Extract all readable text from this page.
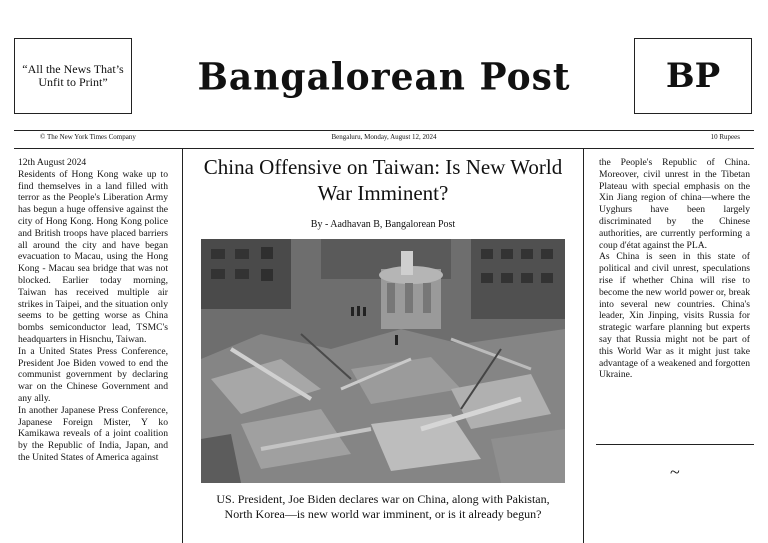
“All the News That’s Unfit to Print”	Bangalorean Post	BP
© The New York Times Company	Bengaluru, Monday, August 12, 2024	10 Rupees

12th August 2024

Residents of Hong Kong wake up to find themselves in a land filled with terror as the People's Liberation Army has begun a huge offensive against the city of Hong Kong. Hong Kong police and British troops have placed barriers all around the city and have began evacuation to Macau, using the Hong Kong - Macau sea bridge that was not blocked. Earlier today morning, Taiwan has received multiple air strikes in Taipei, and the situation only seems to be getting worse as China bombs semiconductor lead, TSMC's headquarters in Hisnchu, Taiwan.

In a United States Press Conference, President Joe Biden vowed to end the communist government by declaring war on the Chinese Government and any ally.

In another Japanese Press Conference, Japanese Foreign Mister, Y ko Kamikawa reveals of a joint coalition by the Republic of India, Japan, and the United States of America against

China Offensive on Taiwan: Is New World War Imminent?
By - Aadhavan B, Bangalorean Post
US. President, Joe Biden declares war on China, along with Pakistan, North Korea—is new world war imminent, or is it already begun?

the People's Republic of China. Moreover, civil unrest in the Tibetan Plateau with special emphasis on the Xin Jiang region of china—where the Uyghurs have been largely discriminated by the Chinese authorities, are currently performing a coup d'état against the PLA.

As China is seen in this state of political and civil unrest, speculations rise if whether China will rise to become the new world power or, break into several new countries. China's leader, Xin Jinping, visits Russia for strategic warfare planning but experts say that Russia might not be part of this World War as it might just take advantage of a weakened and forgotten Ukraine.

~
